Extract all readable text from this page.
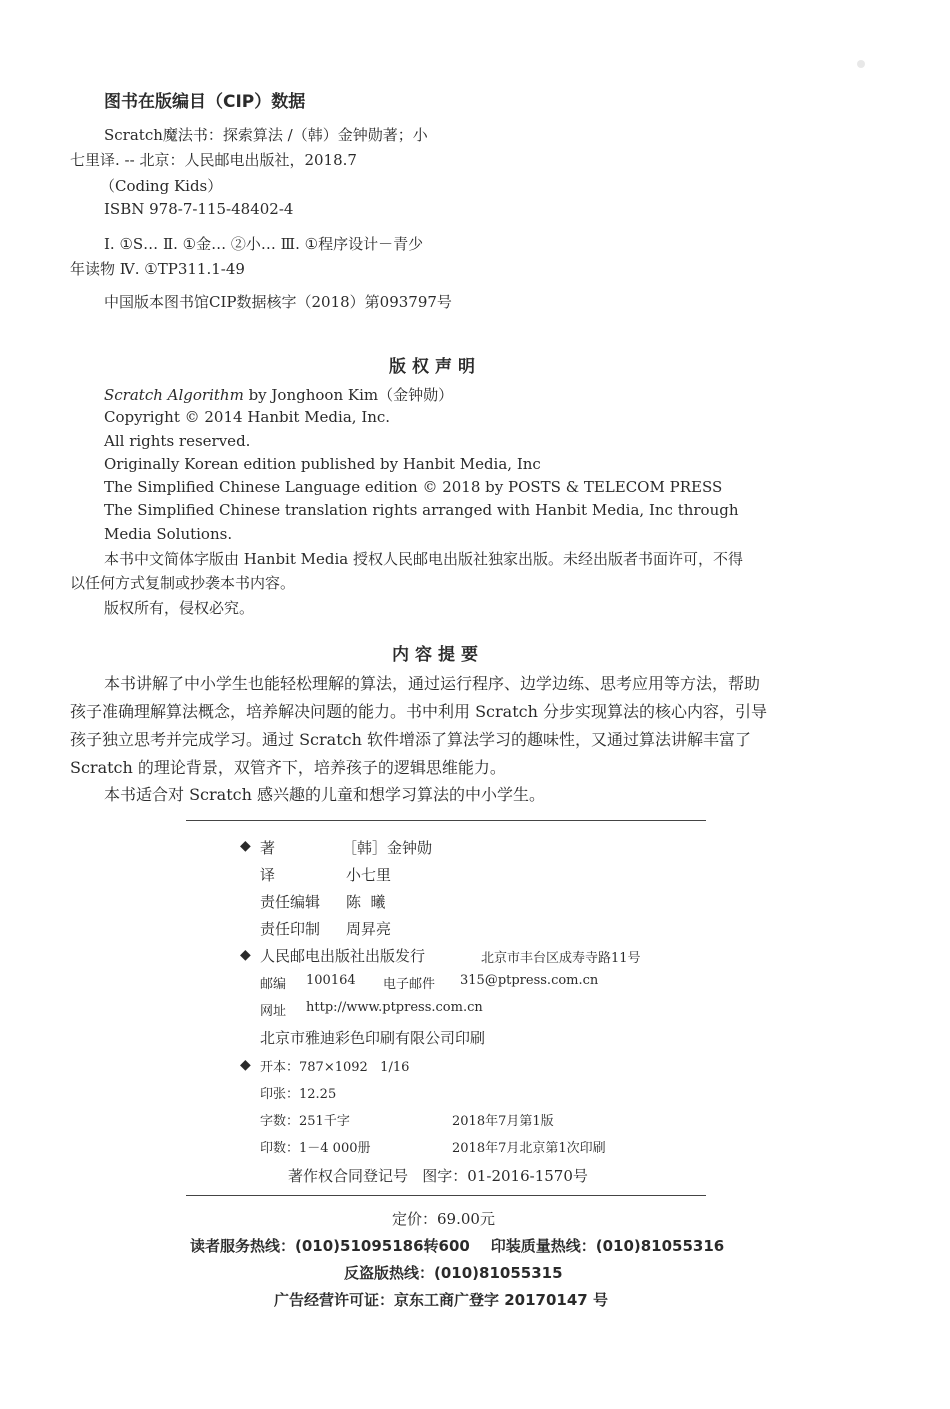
图书在版编目（CIP）数据
Scratch魔法书：探索算法 /（韩）金钟勋著；小
七里译. -- 北京：人民邮电出版社，2018.7
（Coding Kids）
ISBN 978-7-115-48402-4
Ⅰ. ①S… Ⅱ. ①金… ②小… Ⅲ. ①程序设计－青少
年读物 Ⅳ. ①TP311.1-49
中国版本图书馆CIP数据核字（2018）第093797号
版权声明
Scratch Algorithm by Jonghoon Kim（金钟勋）
Copyright © 2014 Hanbit Media, Inc.
All rights reserved.
Originally Korean edition published by Hanbit Media, Inc
The Simplified Chinese Language edition © 2018 by POSTS & TELECOM PRESS
The Simplified Chinese translation rights arranged with Hanbit Media, Inc through
Media Solutions.
本书中文简体字版由 Hanbit Media 授权人民邮电出版社独家出版。未经出版者书面许可，不得
以任何方式复制或抄袭本书内容。
版权所有，侵权必究。
内容提要
本书讲解了中小学生也能轻松理解的算法，通过运行程序、边学边练、思考应用等方法，帮助
孩子准确理解算法概念，培养解决问题的能力。书中利用 Scratch 分步实现算法的核心内容，引导
孩子独立思考并完成学习。通过 Scratch 软件增添了算法学习的趣味性，又通过算法讲解丰富了
Scratch 的理论背景，双管齐下，培养孩子的逻辑思维能力。
本书适合对 Scratch 感兴趣的儿童和想学习算法的中小学生。
◆ 著	［韩］金钟勋
译	小七里
责任编辑 陈  曦
责任印制 周昇亮
◆ 人民邮电出版社出版发行	北京市丰台区成寿寺路11号
邮编 100164 电子邮件 315@ptpress.com.cn
网址 http://www.ptpress.com.cn
北京市雅迪彩色印刷有限公司印刷
◆ 开本：787×1092   1/16
印张：12.25
字数：251千字	2018年7月第1版
印数：1－4 000册	2018年7月北京第1次印刷
著作权合同登记号   图字：01-2016-1570号
定价：69.00元
读者服务热线：(010)51095186转600    印装质量热线：(010)81055316
反盗版热线：(010)81055315
广告经营许可证：京东工商广登字 20170147 号
